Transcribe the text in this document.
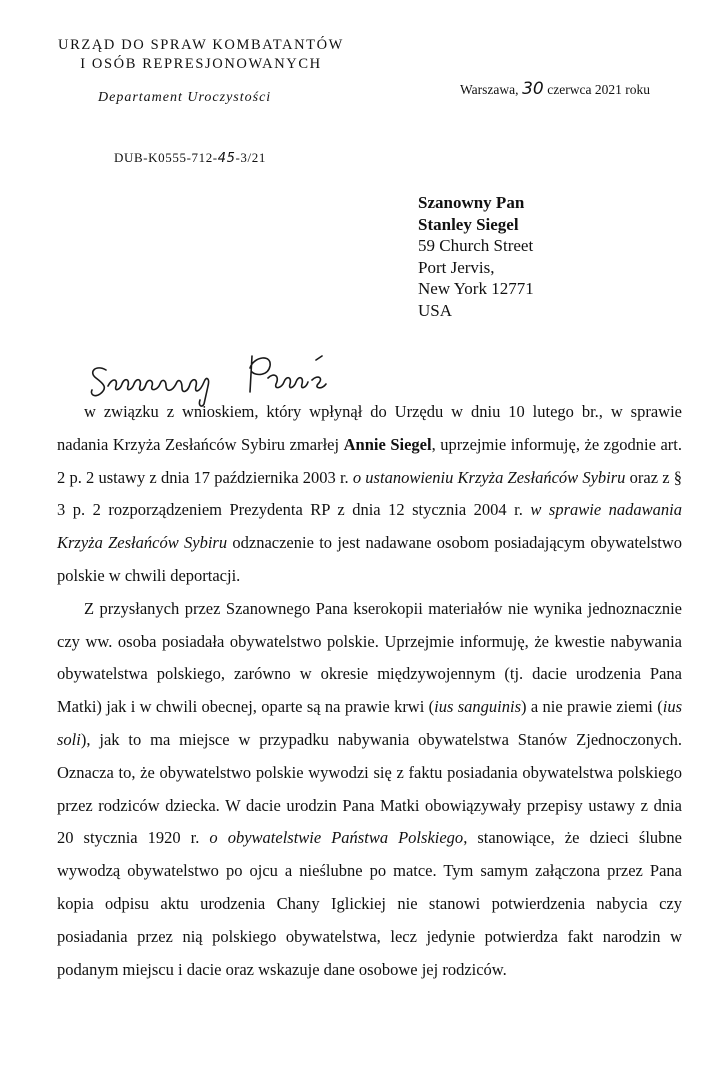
URZĄD DO SPRAW KOMBATANTÓW
I OSÓB REPRESJONOWANYCH
Departament Uroczystości
Warszawa, 30 czerwca 2021 roku
DUB-K0555-712-45-3/21
Szanowny Pan
Stanley Siegel
59 Church Street
Port Jervis,
New York 12771
USA
Szanowny Panie,

w związku z wnioskiem, który wpłynął do Urzędu w dniu 10 lutego br., w sprawie nadania Krzyża Zesłańców Sybiru zmarłej Annie Siegel, uprzejmie informuję, że zgodnie art. 2 p. 2 ustawy z dnia 17 października 2003 r. o ustanowieniu Krzyża Zesłańców Sybiru oraz z § 3 p. 2 rozporządzeniem Prezydenta RP z dnia 12 stycznia 2004 r. w sprawie nadawania Krzyża Zesłańców Sybiru odznaczenie to jest nadawane osobom posiadającym obywatelstwo polskie w chwili deportacji.

Z przysłanych przez Szanownego Pana kserokopii materiałów nie wynika jednoznacznie czy ww. osoba posiadała obywatelstwo polskie. Uprzejmie informuję, że kwestie nabywania obywatelstwa polskiego, zarówno w okresie międzywojennym (tj. dacie urodzenia Pana Matki) jak i w chwili obecnej, oparte są na prawie krwi (ius sanguinis) a nie prawie ziemi (ius soli), jak to ma miejsce w przypadku nabywania obywatelstwa Stanów Zjednoczonych. Oznacza to, że obywatelstwo polskie wywodzi się z faktu posiadania obywatelstwa polskiego przez rodziców dziecka. W dacie urodzin Pana Matki obowiązywały przepisy ustawy z dnia 20 stycznia 1920 r. o obywatelstwie Państwa Polskiego, stanowiące, że dzieci ślubne wywodzą obywatelstwo po ojcu a nieślubne po matce. Tym samym załączona przez Pana kopia odpisu aktu urodzenia Chany Iglickiej nie stanowi potwierdzenia nabycia czy posiadania przez nią polskiego obywatelstwa, lecz jedynie potwierdza fakt narodzin w podanym miejscu i dacie oraz wskazuje dane osobowe jej rodziców.
